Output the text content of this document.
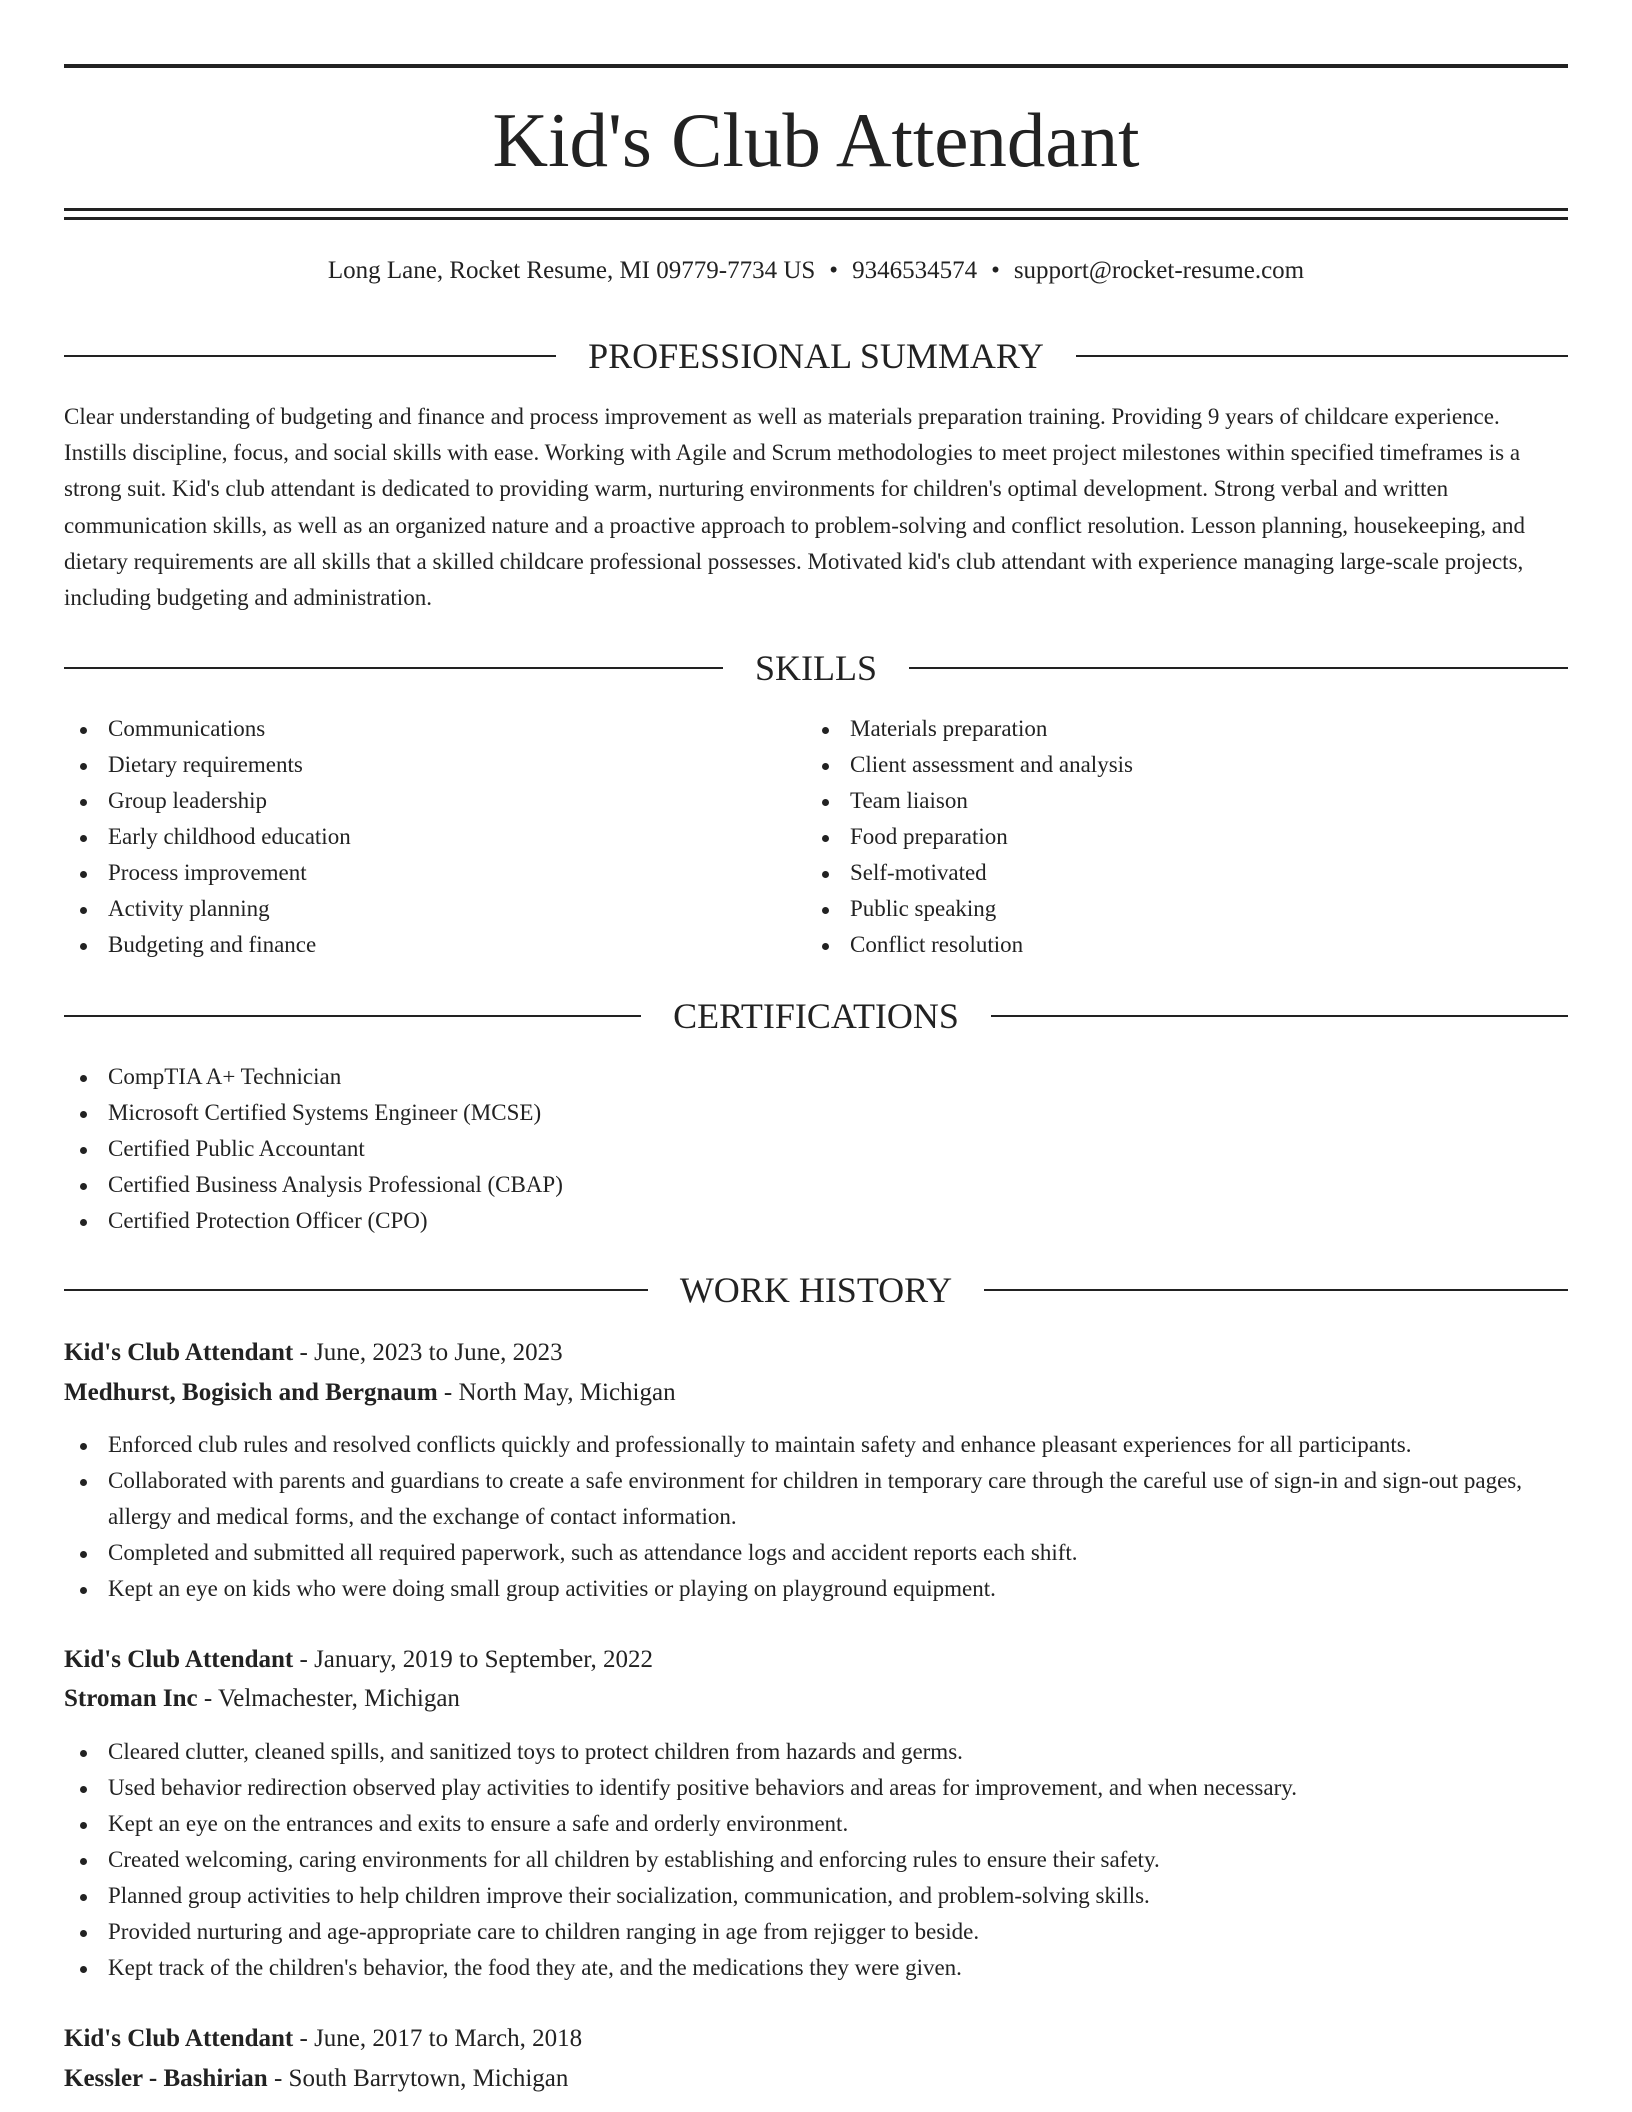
Kid's Club Attendant
Long Lane, Rocket Resume, MI 09779-7734 US • 9346534574 • support@rocket-resume.com
PROFESSIONAL SUMMARY
Clear understanding of budgeting and finance and process improvement as well as materials preparation training. Providing 9 years of childcare experience. Instills discipline, focus, and social skills with ease. Working with Agile and Scrum methodologies to meet project milestones within specified timeframes is a strong suit. Kid's club attendant is dedicated to providing warm, nurturing environments for children's optimal development. Strong verbal and written communication skills, as well as an organized nature and a proactive approach to problem-solving and conflict resolution. Lesson planning, housekeeping, and dietary requirements are all skills that a skilled childcare professional possesses. Motivated kid's club attendant with experience managing large-scale projects, including budgeting and administration.
SKILLS
Communications
Dietary requirements
Group leadership
Early childhood education
Process improvement
Activity planning
Budgeting and finance
Materials preparation
Client assessment and analysis
Team liaison
Food preparation
Self-motivated
Public speaking
Conflict resolution
CERTIFICATIONS
CompTIA A+ Technician
Microsoft Certified Systems Engineer (MCSE)
Certified Public Accountant
Certified Business Analysis Professional (CBAP)
Certified Protection Officer (CPO)
WORK HISTORY
Kid's Club Attendant - June, 2023 to June, 2023
Medhurst, Bogisich and Bergnaum - North May, Michigan
Enforced club rules and resolved conflicts quickly and professionally to maintain safety and enhance pleasant experiences for all participants.
Collaborated with parents and guardians to create a safe environment for children in temporary care through the careful use of sign-in and sign-out pages, allergy and medical forms, and the exchange of contact information.
Completed and submitted all required paperwork, such as attendance logs and accident reports each shift.
Kept an eye on kids who were doing small group activities or playing on playground equipment.
Kid's Club Attendant - January, 2019 to September, 2022
Stroman Inc - Velmachester, Michigan
Cleared clutter, cleaned spills, and sanitized toys to protect children from hazards and germs.
Used behavior redirection observed play activities to identify positive behaviors and areas for improvement, and when necessary.
Kept an eye on the entrances and exits to ensure a safe and orderly environment.
Created welcoming, caring environments for all children by establishing and enforcing rules to ensure their safety.
Planned group activities to help children improve their socialization, communication, and problem-solving skills.
Provided nurturing and age-appropriate care to children ranging in age from rejigger to beside.
Kept track of the children's behavior, the food they ate, and the medications they were given.
Kid's Club Attendant - June, 2017 to March, 2018
Kessler - Bashirian - South Barrytown, Michigan
